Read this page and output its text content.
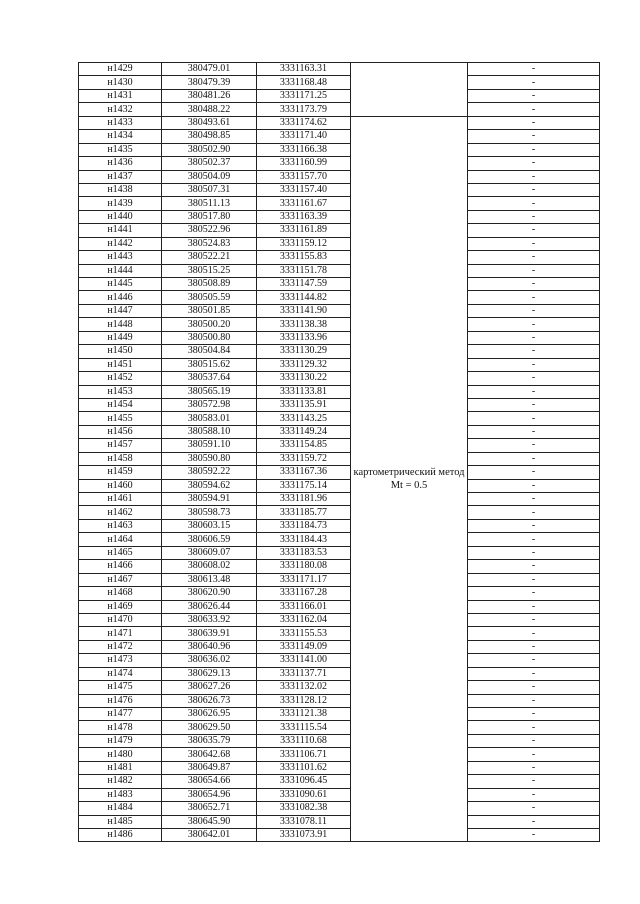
н1429	380479.01	3331163.31		-
н1430	380479.39	3331168.48		-
н1431	380481.26	3331171.25		-
н1432	380488.22	3331173.79		-
н1433	380493.61	3331174.62	картометрический метод Mt = 0.5	-
н1434	380498.85	3331171.40		-
н1435	380502.90	3331166.38		-
н1436	380502.37	3331160.99		-
н1437	380504.09	3331157.70		-
н1438	380507.31	3331157.40		-
н1439	380511.13	3331161.67		-
н1440	380517.80	3331163.39		-
н1441	380522.96	3331161.89		-
н1442	380524.83	3331159.12		-
н1443	380522.21	3331155.83		-
н1444	380515.25	3331151.78		-
н1445	380508.89	3331147.59		-
н1446	380505.59	3331144.82		-
н1447	380501.85	3331141.90		-
н1448	380500.20	3331138.38		-
н1449	380500.80	3331133.96		-
н1450	380504.84	3331130.29		-
н1451	380515.62	3331129.32		-
н1452	380537.64	3331130.22		-
н1453	380565.19	3331133.81		-
н1454	380572.98	3331135.91		-
н1455	380583.01	3331143.25		-
н1456	380588.10	3331149.24		-
н1457	380591.10	3331154.85		-
н1458	380590.80	3331159.72		-
н1459	380592.22	3331167.36		-
н1460	380594.62	3331175.14		-
н1461	380594.91	3331181.96		-
н1462	380598.73	3331185.77		-
н1463	380603.15	3331184.73		-
н1464	380606.59	3331184.43		-
н1465	380609.07	3331183.53		-
н1466	380608.02	3331180.08		-
н1467	380613.48	3331171.17		-
н1468	380620.90	3331167.28		-
н1469	380626.44	3331166.01		-
н1470	380633.92	3331162.04		-
н1471	380639.91	3331155.53		-
н1472	380640.96	3331149.09		-
н1473	380636.02	3331141.00		-
н1474	380629.13	3331137.71		-
н1475	380627.26	3331132.02		-
н1476	380626.73	3331128.12		-
н1477	380626.95	3331121.38		-
н1478	380629.50	3331115.54		-
н1479	380635.79	3331110.68		-
н1480	380642.68	3331106.71		-
н1481	380649.87	3331101.62		-
н1482	380654.66	3331096.45		-
н1483	380654.96	3331090.61		-
н1484	380652.71	3331082.38		-
н1485	380645.90	3331078.11		-
н1486	380642.01	3331073.91		-
